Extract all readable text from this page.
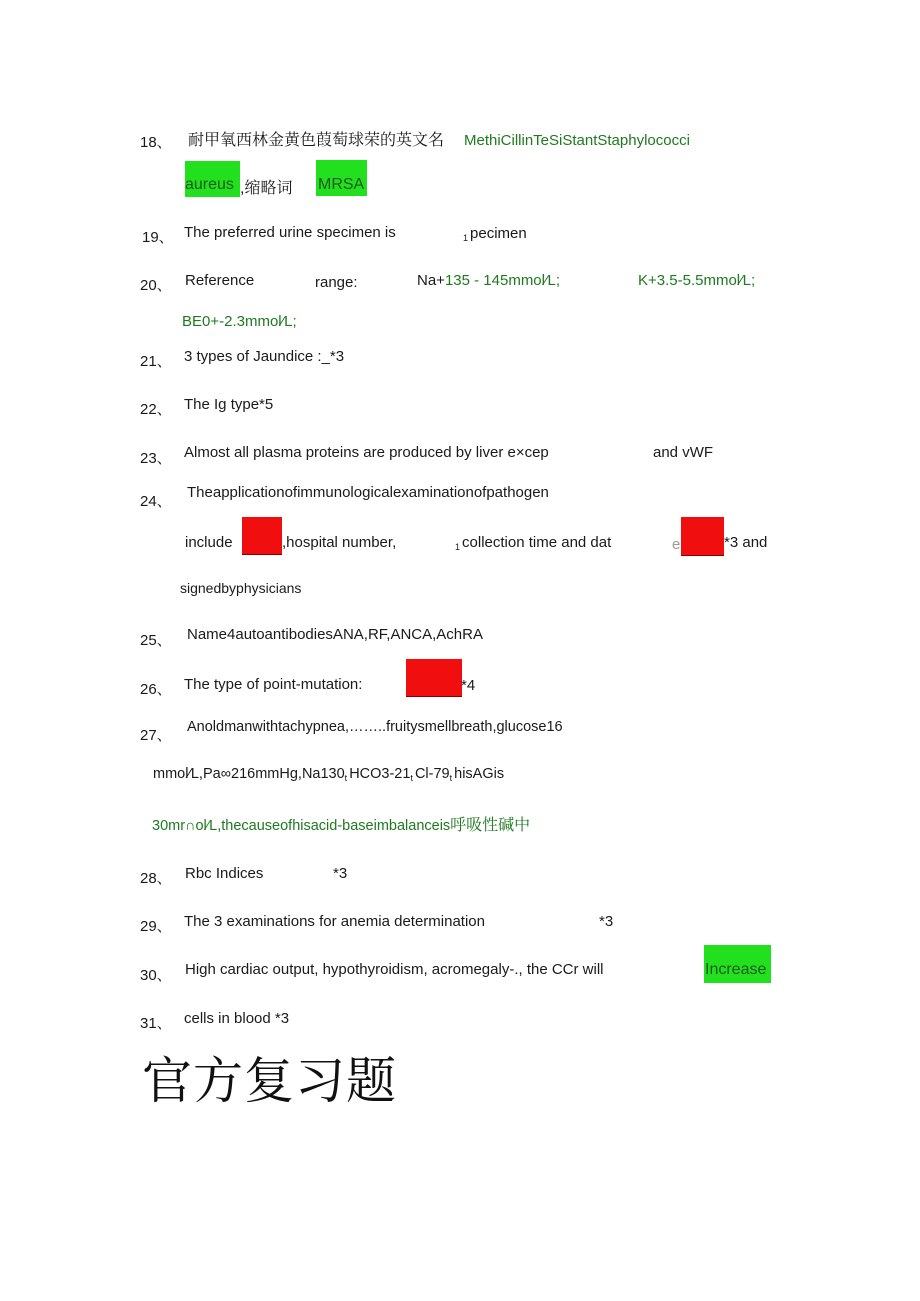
18、 耐甲氧西林金黄色葭萄球荣的英文名 MethiCillinTeSiStantStaphylococci
aureus ,缩略词 MRSA
19、 The preferred urine specimen is	$_1$ pecimen
20、 Reference	range:	Na+135 - 145mmol⁄L;	K+3.5-5.5mmol⁄L;
BE0+-2.3mmol⁄L;
21、 3 types of Jaundice :_*3
22、 The Ig type*5
23、 Almost all plasma proteins are produced by liver e×cep	and vWF
24、
Theapplicationofimmunologicalexaminationofpathogen
include	,hospital number,	$_1$ collection time and dat	e	*3 and
signedbyphysicians
25、 Name4autoantibodiesANA,RF,ANCA,AchRA
26、 The type of point-mutation:	*4
27、 Anoldmanwithtachypnea,……..fruitysmellbreath,glucose16
$mmol⁄L,Pa\infty 216mmHg,Na130_t$ $HCO3-21_t$ $Cl-79_t$ hisAGis
30mr∩ol⁄L,thecauseofhisacid-baseimbalanceis呼吸性碱中
28、 Rbc Indices	*3
29、 The 3 examinations for anemia determination	*3
30、 High cardiac output, hypothyroidism, acromegaly-., the CCr will	Increase
31、 cells in blood *3
官方复习题
